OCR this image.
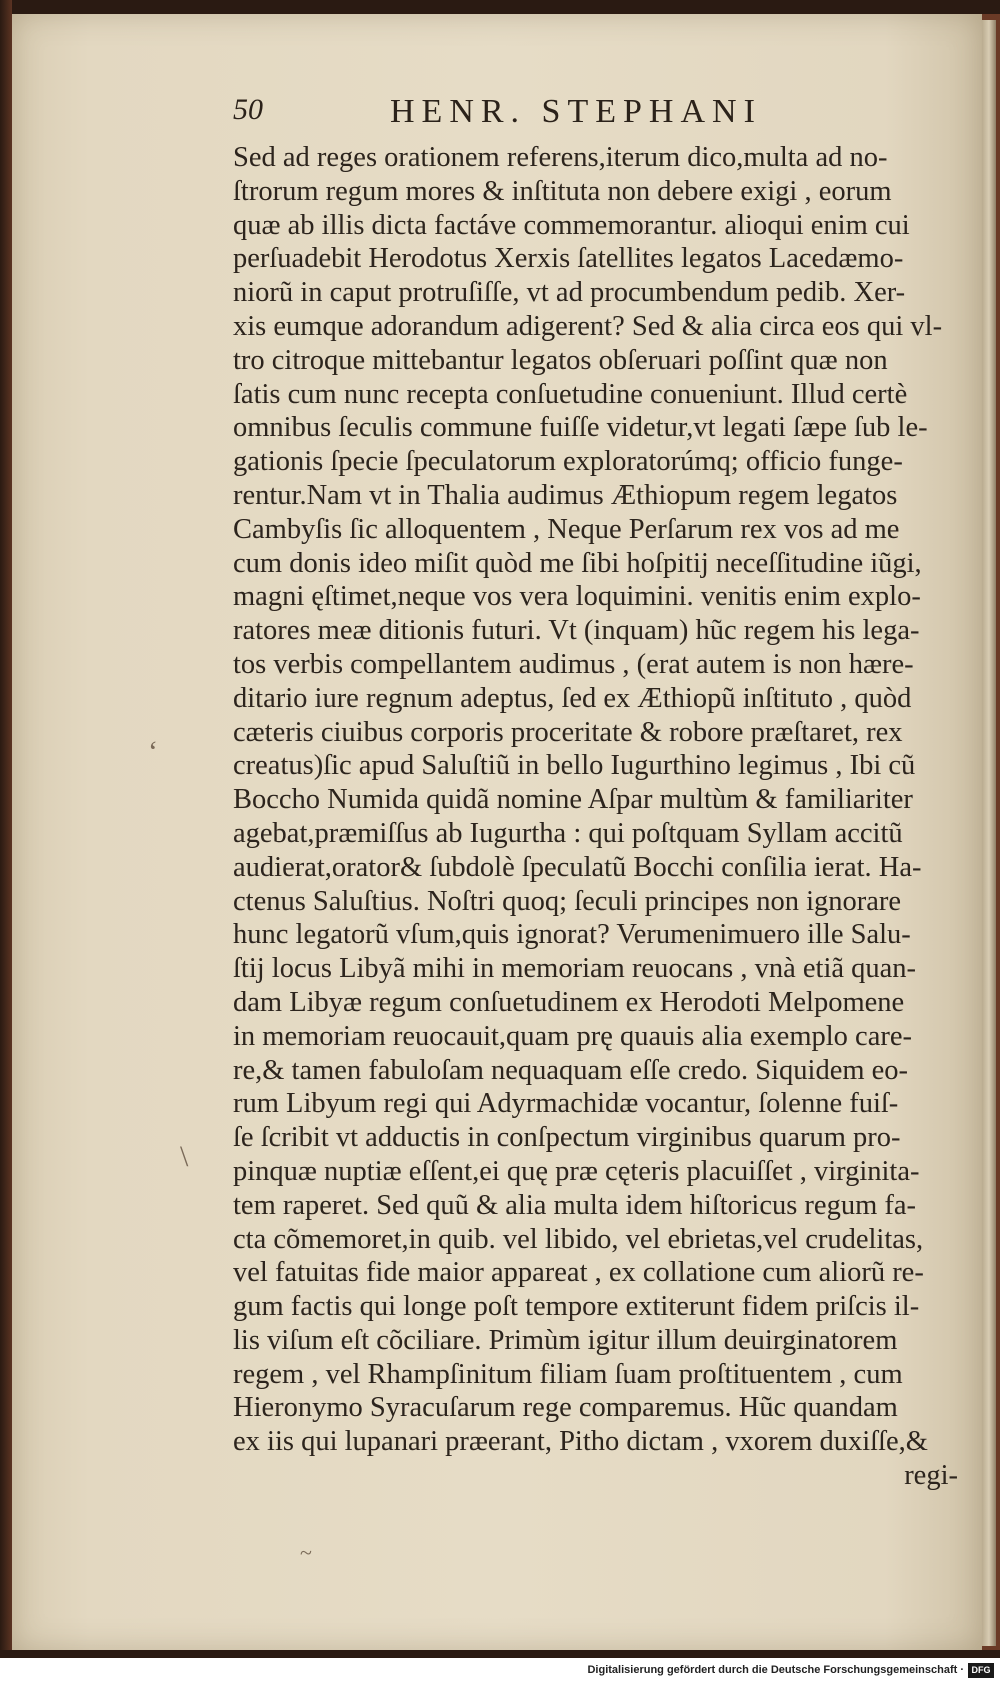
50	HENR. STEPHANI
Sed ad reges orationem referens,iterum dico,multa ad no-
ſtrorum regum mores & inſtituta non debere exigi , eorum
quæ ab illis dicta factáve commemorantur. alioqui enim cui
perſuadebit Herodotus Xerxis ſatellites legatos Lacedæmo-
niorũ in caput protruſiſſe, vt ad procumbendum pedib. Xer-
xis eumque adorandum adigerent? Sed & alia circa eos qui vl-
tro citroque mittebantur legatos obſeruari poſſint quæ non
ſatis cum nunc recepta conſuetudine conueniunt. Illud certè
omnibus ſeculis commune fuiſſe videtur,vt legati ſæpe ſub le-
gationis ſpecie ſpeculatorum exploratorúmq; officio funge-
rentur.Nam vt in Thalia audimus Æthiopum regem legatos
Cambyſis ſic alloquentem , Neque Perſarum rex vos ad me
cum donis ideo miſit quòd me ſibi hoſpitij neceſſitudine iũgi,
magni ęſtimet,neque vos vera loquimini. venitis enim explo-
ratores meæ ditionis futuri. Vt (inquam) hũc regem his lega-
tos verbis compellantem audimus , (erat autem is non hære-
ditario iure regnum adeptus, ſed ex Æthiopũ inſtituto , quòd
cæteris ciuibus corporis proceritate & robore præſtaret, rex
creatus)ſic apud Saluſtiũ in bello Iugurthino legimus , Ibi cũ
Boccho Numida quidã nomine Aſpar multùm & familiariter
agebat,præmiſſus ab Iugurtha : qui poſtquam Syllam accitũ
audierat,orator& ſubdolè ſpeculatũ Bocchi conſilia ierat. Ha-
ctenus Saluſtius. Noſtri quoq; ſeculi principes non ignorare
hunc legatorũ vſum,quis ignorat? Verumenimuero ille Salu-
ſtij locus Libyã mihi in memoriam reuocans , vnà etiã quan-
dam Libyæ regum conſuetudinem ex Herodoti Melpomene
in memoriam reuocauit,quam prę quauis alia exemplo care-
re,& tamen fabuloſam nequaquam eſſe credo. Siquidem eo-
rum Libyum regi qui Adyrmachidæ vocantur, ſolenne fuiſ-
ſe ſcribit vt adductis in conſpectum virginibus quarum pro-
pinquæ nuptiæ eſſent,ei quę præ cęteris placuiſſet , virginita-
tem raperet. Sed quũ & alia multa idem hiſtoricus regum fa-
cta cõmemoret,in quib. vel libido, vel ebrietas,vel crudelitas,
vel fatuitas fide maior appareat , ex collatione cum aliorũ re-
gum factis qui longe poſt tempore extiterunt fidem priſcis il-
lis viſum eſt cõciliare. Primùm igitur illum deuirginatorem
regem , vel Rhampſinitum filiam ſuam proſtituentem , cum
Hieronymo Syracuſarum rege comparemus. Hũc quandam
ex iis qui lupanari præerant, Pitho dictam , vxorem duxiſſe,&
regi-
‘
\
~
Digitalisierung gefördert durch die Deutsche Forschungsgemeinschaft · DFG
